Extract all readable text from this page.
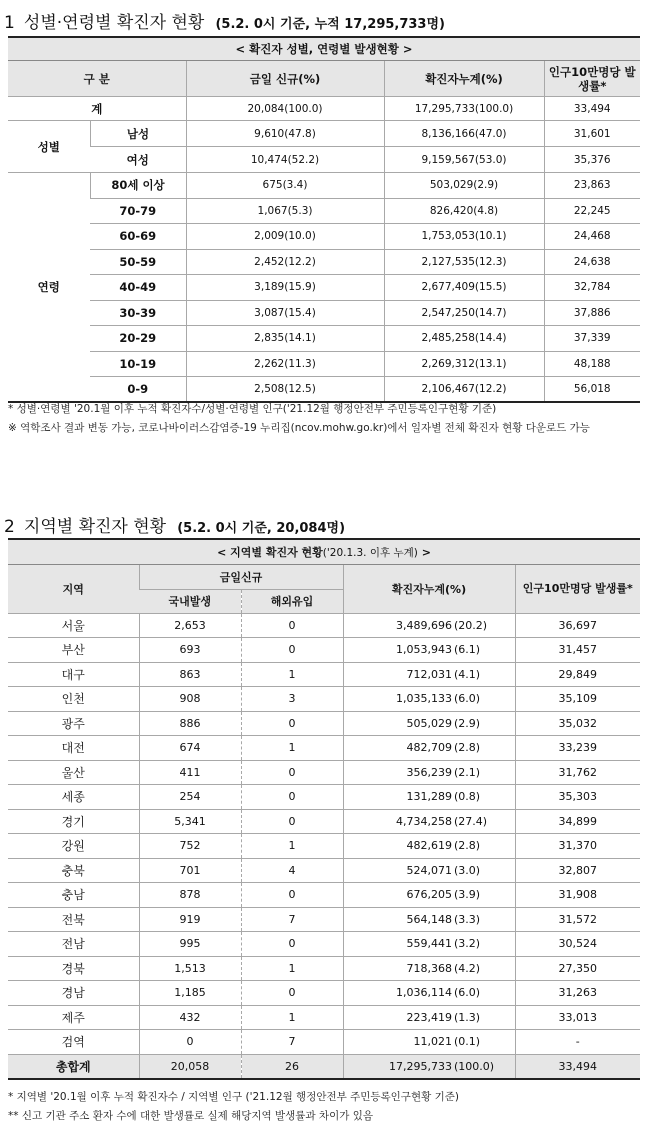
1 성별·연령별 확진자 현황 (5.2. 0시 기준, 누적 17,295,733명)
< 확진자 성별, 연령별 발생현황 >				
구 분		금일 신규(%)	확진자누계(%)	인구10만명당 발생률*
계		20,084(100.0)	17,295,733(100.0)	33,494
성별	남성	9,610(47.8)	8,136,166(47.0)	31,601
	여성	10,474(52.2)	9,159,567(53.0)	35,376
연령	80세 이상	675(3.4)	503,029(2.9)	23,863
	70-79	1,067(5.3)	826,420(4.8)	22,245
	60-69	2,009(10.0)	1,753,053(10.1)	24,468
	50-59	2,452(12.2)	2,127,535(12.3)	24,638
	40-49	3,189(15.9)	2,677,409(15.5)	32,784
	30-39	3,087(15.4)	2,547,250(14.7)	37,886
	20-29	2,835(14.1)	2,485,258(14.4)	37,339
	10-19	2,262(11.3)	2,269,312(13.1)	48,188
	0-9	2,508(12.5)	2,106,467(12.2)	56,018
* 성별·연령별 '20.1월 이후 누적 확진자수/성별·연령별 인구('21.12월 행정안전부 주민등록인구현황 기준)
※ 역학조사 결과 변동 가능, 코로나바이러스감염증-19 누리집(ncov.mohw.go.kr)에서 일자별 전체 확진자 현황 다운로드 가능
2 지역별 확진자 현황 (5.2. 0시 기준, 20,084명)
< 지역별 확진자 현황('20.1.3. 이후 누계) >					
지역	금일신규		확진자누계(%)		인구10만명당 발생률*
	국내발생	해외유입			
서울	2,653	0	3,489,696	(20.2)	36,697
부산	693	0	1,053,943	(6.1)	31,457
대구	863	1	712,031	(4.1)	29,849
인천	908	3	1,035,133	(6.0)	35,109
광주	886	0	505,029	(2.9)	35,032
대전	674	1	482,709	(2.8)	33,239
울산	411	0	356,239	(2.1)	31,762
세종	254	0	131,289	(0.8)	35,303
경기	5,341	0	4,734,258	(27.4)	34,899
강원	752	1	482,619	(2.8)	31,370
충북	701	4	524,071	(3.0)	32,807
충남	878	0	676,205	(3.9)	31,908
전북	919	7	564,148	(3.3)	31,572
전남	995	0	559,441	(3.2)	30,524
경북	1,513	1	718,368	(4.2)	27,350
경남	1,185	0	1,036,114	(6.0)	31,263
제주	432	1	223,419	(1.3)	33,013
검역	0	7	11,021	(0.1)	-
총합계	20,058	26	17,295,733	(100.0)	33,494
* 지역별 '20.1월 이후 누적 확진자수 / 지역별 인구 ('21.12월 행정안전부 주민등록인구현황 기준)
** 신고 기관 주소 환자 수에 대한 발생률로 실제 해당지역 발생률과 차이가 있음
